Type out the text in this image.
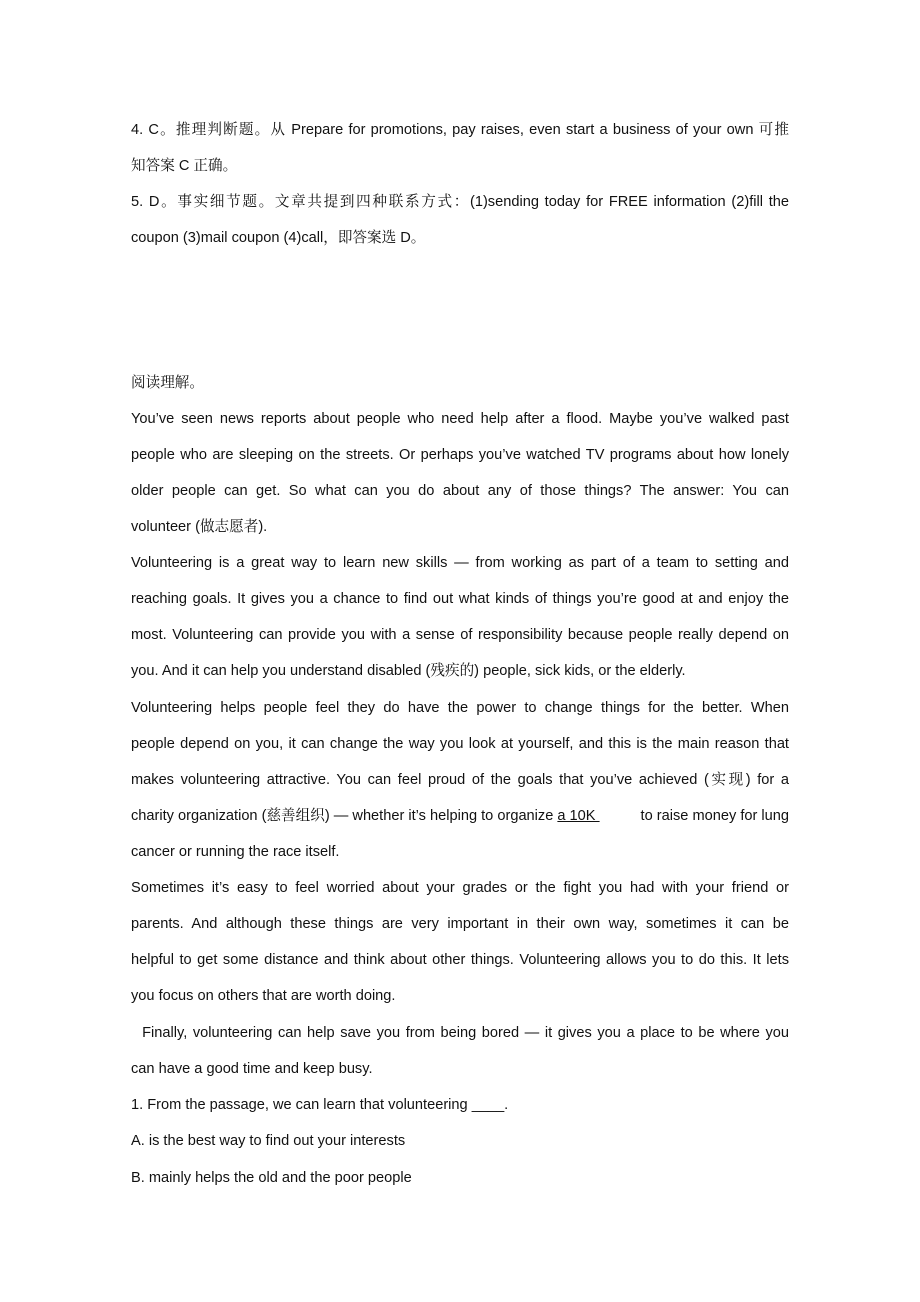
4. C。推理判断题。从 Prepare for promotions, pay raises, even start a business of your own 可推
知答案 C 正确。
5. D。事实细节题。文章共提到四种联系方式：(1)sending today for FREE information (2)fill the
coupon (3)mail coupon (4)call，即答案选 D。
阅读理解。
You’ve seen news reports about people who need help after a flood. Maybe you’ve walked past
people who are sleeping on the streets. Or perhaps you’ve watched TV programs about how lonely
older people can get. So what can you do about any of those things? The answer: You can
volunteer (做志愿者).
Volunteering is a great way to learn new skills — from working as part of a team to setting and
reaching goals. It gives you a chance to find out what kinds of things you’re good at and enjoy the
most. Volunteering can provide you with a sense of responsibility because people really depend on
you. And it can help you understand disabled (残疾的) people, sick kids, or the elderly.
Volunteering helps people feel they do have the power to change things for the better. When
people depend on you, it can change the way you look at yourself, and this is the main reason that
makes volunteering attractive. You can feel proud of the goals that you’ve achieved (实现) for a
charity organization (慈善组织) — whether it’s helping to organize a 10K	to raise money for lung
cancer or running the race itself.
Sometimes it’s easy to feel worried about your grades or the fight you had with your friend or
parents. And although these things are very important in their own way, sometimes it can be
helpful to get some distance and think about other things. Volunteering allows you to do this. It lets
you focus on others that are worth doing.
Finally, volunteering can help save you from being bored — it gives you a place to be where you
can have a good time and keep busy.
1. From the passage, we can learn that volunteering ____.
A. is the best way to find out your interests
B. mainly helps the old and the poor people
